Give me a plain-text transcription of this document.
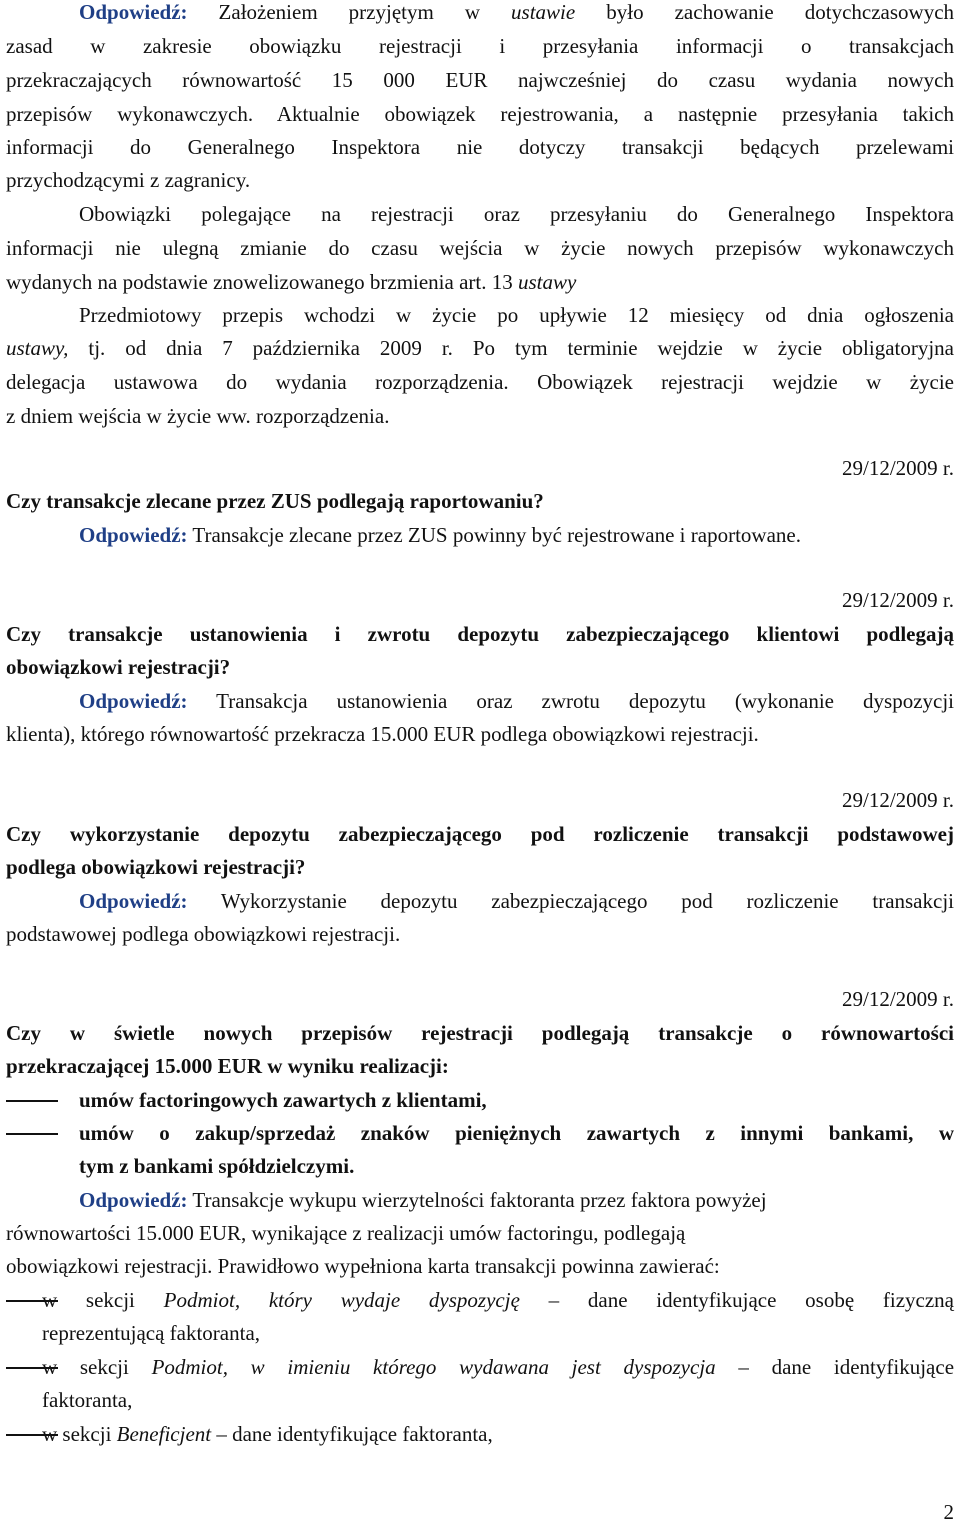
Odpowiedź: Założeniem przyjętym w ustawie było zachowanie dotychczasowych
zasad w zakresie obowiązku rejestracji i przesyłania informacji o transakcjach
przekraczających równowartość 15 000 EUR najwcześniej do czasu wydania nowych
przepisów wykonawczych. Aktualnie obowiązek rejestrowania, a następnie przesyłania takich
informacji do Generalnego Inspektora nie dotyczy transakcji będących przelewami
przychodzącymi z zagranicy.
Obowiązki polegające na rejestracji oraz przesyłaniu do Generalnego Inspektora
informacji nie ulegną zmianie do czasu wejścia w życie nowych przepisów wykonawczych
wydanych na podstawie znowelizowanego brzmienia art. 13 ustawy
Przedmiotowy przepis wchodzi w życie po upływie 12 miesięcy od dnia ogłoszenia
ustawy, tj. od dnia 7 października 2009 r. Po tym terminie wejdzie w życie obligatoryjna
delegacja ustawowa do wydania rozporządzenia. Obowiązek rejestracji wejdzie w życie
z dniem wejścia w życie ww. rozporządzenia.
29/12/2009 r.
Czy transakcje zlecane przez ZUS podlegają raportowaniu?
Odpowiedź: Transakcje zlecane przez ZUS powinny być rejestrowane i raportowane.
29/12/2009 r.
Czy transakcje ustanowienia i zwrotu depozytu zabezpieczającego klientowi podlegają
obowiązkowi rejestracji?
Odpowiedź: Transakcja ustanowienia oraz zwrotu depozytu (wykonanie dyspozycji
klienta), którego równowartość przekracza 15.000 EUR podlega obowiązkowi rejestracji.
29/12/2009 r.
Czy wykorzystanie depozytu zabezpieczającego pod rozliczenie transakcji podstawowej
podlega obowiązkowi rejestracji?
Odpowiedź: Wykorzystanie depozytu zabezpieczającego pod rozliczenie transakcji
podstawowej podlega obowiązkowi rejestracji.
29/12/2009 r.
Czy w świetle nowych przepisów rejestracji podlegają transakcje o równowartości
przekraczającej 15.000 EUR w wyniku realizacji:
umów factoringowych zawartych z klientami,
umów o zakup/sprzedaż znaków pieniężnych zawartych z innymi bankami, w
tym z bankami spółdzielczymi.
Odpowiedź: Transakcje wykupu wierzytelności faktoranta przez faktora powyżej
równowartości 15.000 EUR, wynikające z realizacji umów factoringu, podlegają
obowiązkowi rejestracji. Prawidłowo wypełniona karta transakcji powinna zawierać:
w sekcji Podmiot, który wydaje dyspozycję – dane identyfikujące osobę fizyczną
reprezentującą faktoranta,
w sekcji Podmiot, w imieniu którego wydawana jest dyspozycja – dane identyfikujące
faktoranta,
w sekcji Beneficjent – dane identyfikujące faktoranta,
2
